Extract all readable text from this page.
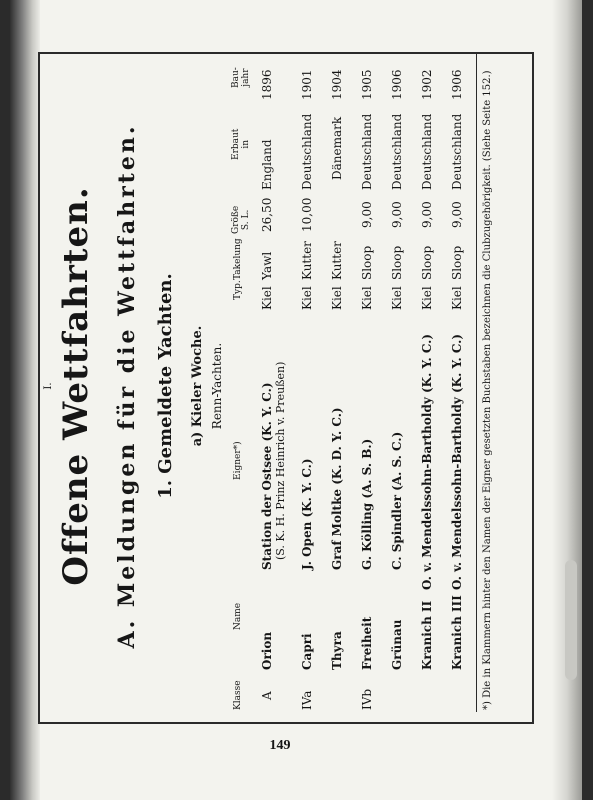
I. Offene Wettfahrten. A. Meldungen für die Wettfahrten. 1. Gemeldete Yachten. a) Kieler Woche. Renn-Yachten.
Klasse
Name
Eigner*)
Typ.
Takelung
Größe S. L.
Erbaut in
Bau- jahr
A
Orion
Station der Ostsee (K. Y. C.) (S. K. H. Prinz Heinrich v. Preußen)
Kiel
Yawl
26,50
England
1896
IVa
Capri
J. Open (K. Y. C.)
Kiel
Kutter
10,00
Deutschland
1901
Thyra
Graf Moltke (K. D. Y. C.)
Kiel
Kutter
Dänemark
1904
IVb
Freiheit
G. Kölling (A. S. B.)
Kiel
Sloop
9,00
Deutschland
1905
Grünau
C. Spindler (A. S. C.)
Kiel
Sloop
9,00
Deutschland
1906
Kranich II
O. v. Mendelssohn-Bartholdy (K. Y. C.)
Kiel
Sloop
9,00
Deutschland
1902
Kranich III
O. v. Mendelssohn-Bartholdy (K. Y. C.)
Kiel
Sloop
9,00
Deutschland
1906 *) Die in Klammern hinter den Namen der Eigner gesetzten Buchstaben bezeichnen die Clubzugehörigkeit. (Siehe Seite 152.)
149
